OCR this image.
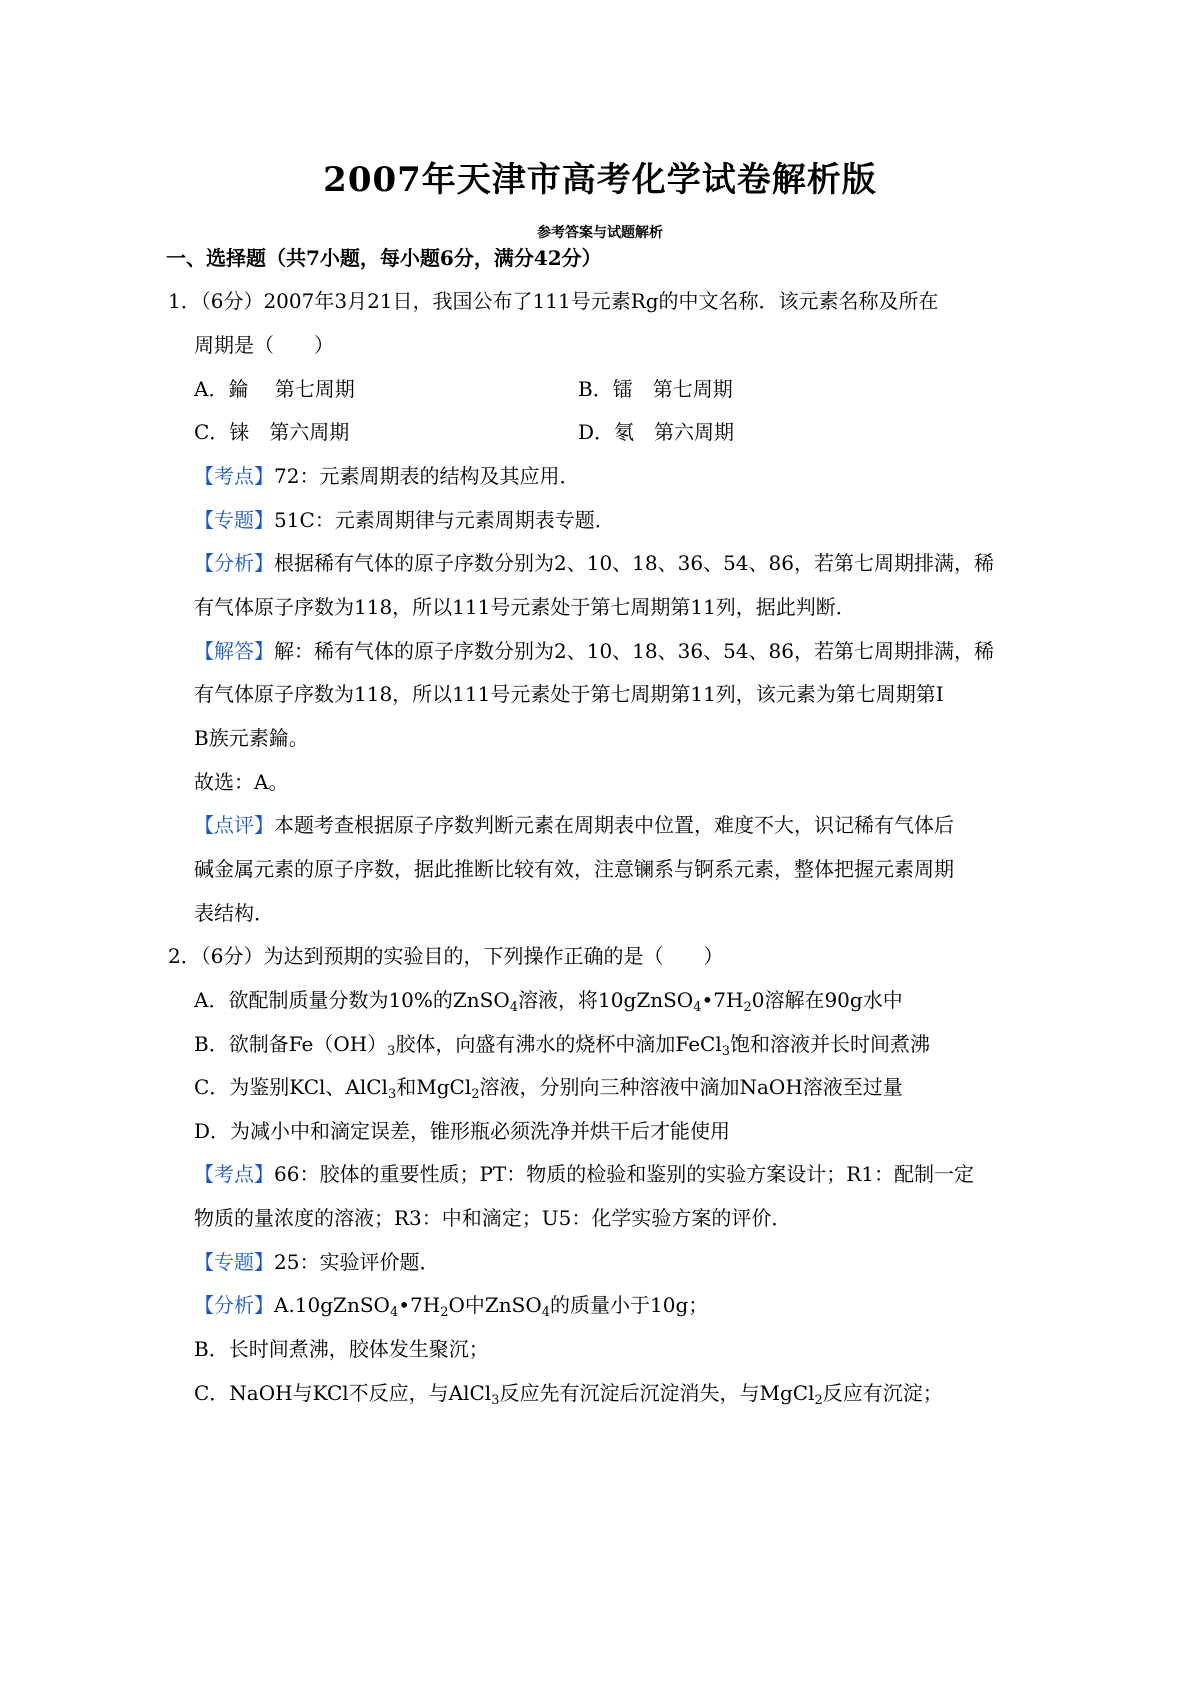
2007年天津市高考化学试卷解析版
参考答案与试题解析
一、选择题（共7小题，每小题6分，满分42分）
1．（6分）2007年3月21日，我国公布了111号元素Rg的中文名称．该元素名称及所在
周期是（　　）
A．錀　 第七周期	B．镭　第七周期
C．铼　第六周期	D．氡　第六周期
【考点】72：元素周期表的结构及其应用．
【专题】51C：元素周期律与元素周期表专题．
【分析】根据稀有气体的原子序数分别为2、10、18、36、54、86，若第七周期排满，稀
有气体原子序数为118，所以111号元素处于第七周期第11列，据此判断．
【解答】解：稀有气体的原子序数分别为2、10、18、36、54、86，若第七周期排满，稀
有气体原子序数为118，所以111号元素处于第七周期第11列，该元素为第七周期第Ⅰ
B族元素錀。
故选：A。
【点评】本题考查根据原子序数判断元素在周期表中位置，难度不大，识记稀有气体后
碱金属元素的原子序数，据此推断比较有效，注意镧系与锕系元素，整体把握元素周期
表结构．
2．（6分）为达到预期的实验目的，下列操作正确的是（　　）
A．欲配制质量分数为10%的ZnSO$_4$溶液，将$10gZnSO_4•7H_20$溶解在90g水中
B．欲制备$Fe(OH)_3$胶体，向盛有沸水的烧杯中滴加FeCl$_3$饱和溶液并长时间煮沸
C．为鉴别KCl、AlCl$_3$和MgCl$_2$溶液，分别向三种溶液中滴加NaOH溶液至过量
D．为减小中和滴定误差，锥形瓶必须洗净并烘干后才能使用
【考点】66：胶体的重要性质；PT：物质的检验和鉴别的实验方案设计；R1：配制一定
物质的量浓度的溶液；R3：中和滴定；U5：化学实验方案的评价．
【专题】25：实验评价题．
【分析】$A.10gZnSO_4•7H_2O$中ZnSO$_4$的质量小于10g；
B．长时间煮沸，胶体发生聚沉；
C．NaOH与KCl不反应，与AlCl$_3$反应先有沉淀后沉淀消失，与MgCl$_2$反应有沉淀；
